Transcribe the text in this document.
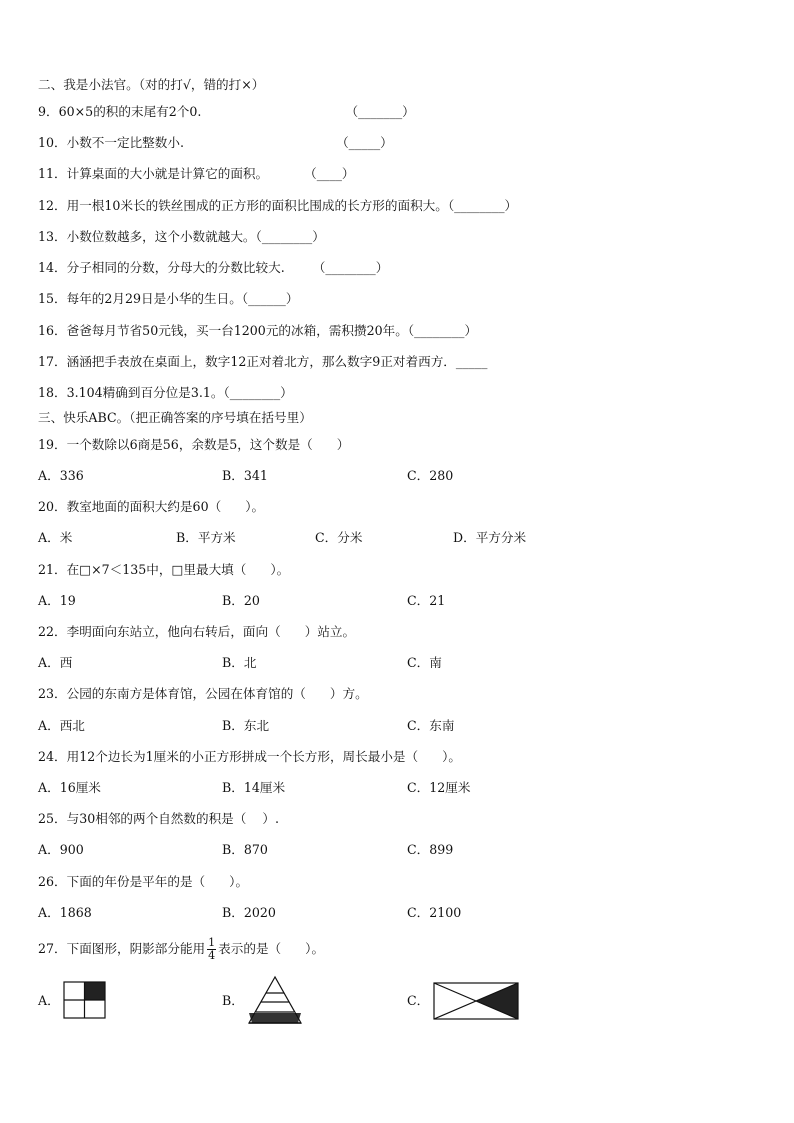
二、我是小法官。（对的打√，错的打×）
9．60×5的积的末尾有2个0.                                    （_______）
10．小数不一定比整数小.                                      （_____）
11．计算桌面的大小就是计算它的面积。         （____）
12．用一根10米长的铁丝围成的正方形的面积比围成的长方形的面积大。（________）
13．小数位数越多，这个小数就越大。（________）
14．分子相同的分数，分母大的分数比较大.       （________）
15．每年的2月29日是小华的生日。（______）
16．爸爸每月节省50元钱，买一台1200元的冰箱，需积攒20年。（________）
17．涵涵把手表放在桌面上，数字12正对着北方，那么数字9正对着西方．_____
18．3.104精确到百分位是3.1。（________）
三、快乐ABC。（把正确答案的序号填在括号里）
19．一个数除以6商是56，余数是5，这个数是（      ）
A．336	B．341	C．280
20．教室地面的面积大约是60（      ）。
A．米	B．平方米	C．分米	D．平方分米
21．在□×7＜135中，□里最大填（      ）。
A．19	B．20	C．21
22．李明面向东站立，他向右转后，面向（      ）站立。
A．西	B．北	C．南
23．公园的东南方是体育馆，公园在体育馆的（      ）方。
A．西北	B．东北	C．东南
24．用12个边长为1厘米的小正方形拼成一个长方形，周长最小是（      ）。
A．16厘米	B．14厘米	C．12厘米
25．与30相邻的两个自然数的积是（    ）.
A．900	B．870	C．899
26．下面的年份是平年的是（      ）。
A．1868	B．2020	C．2100
27．下面图形，阴影部分能用 $\frac{1}{4}$ 表示的是（      ）。
A．	B．	C．
